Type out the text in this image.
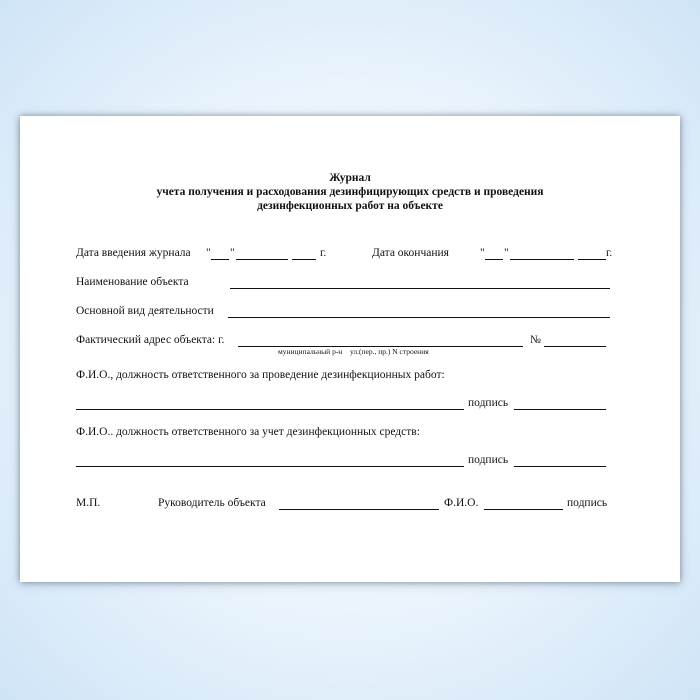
Журнал
учета получения и расходования дезинфицирующих средств и проведения
дезинфекционных работ на объекте
Дата введения журнала " "	г.	Дата окончания	" "	г.
Наименование объекта
Основной вид деятельности
Фактический адрес объекта: г.	№
муниципальный р-н ул.(пер., пр.) N строения
Ф.И.О., должность ответственного за проведение дезинфекционных работ:
подпись
Ф.И.О.. должность ответственного за учет дезинфекционных средств:
подпись
М.П.	Руководитель объекта	Ф.И.О.	подпись
